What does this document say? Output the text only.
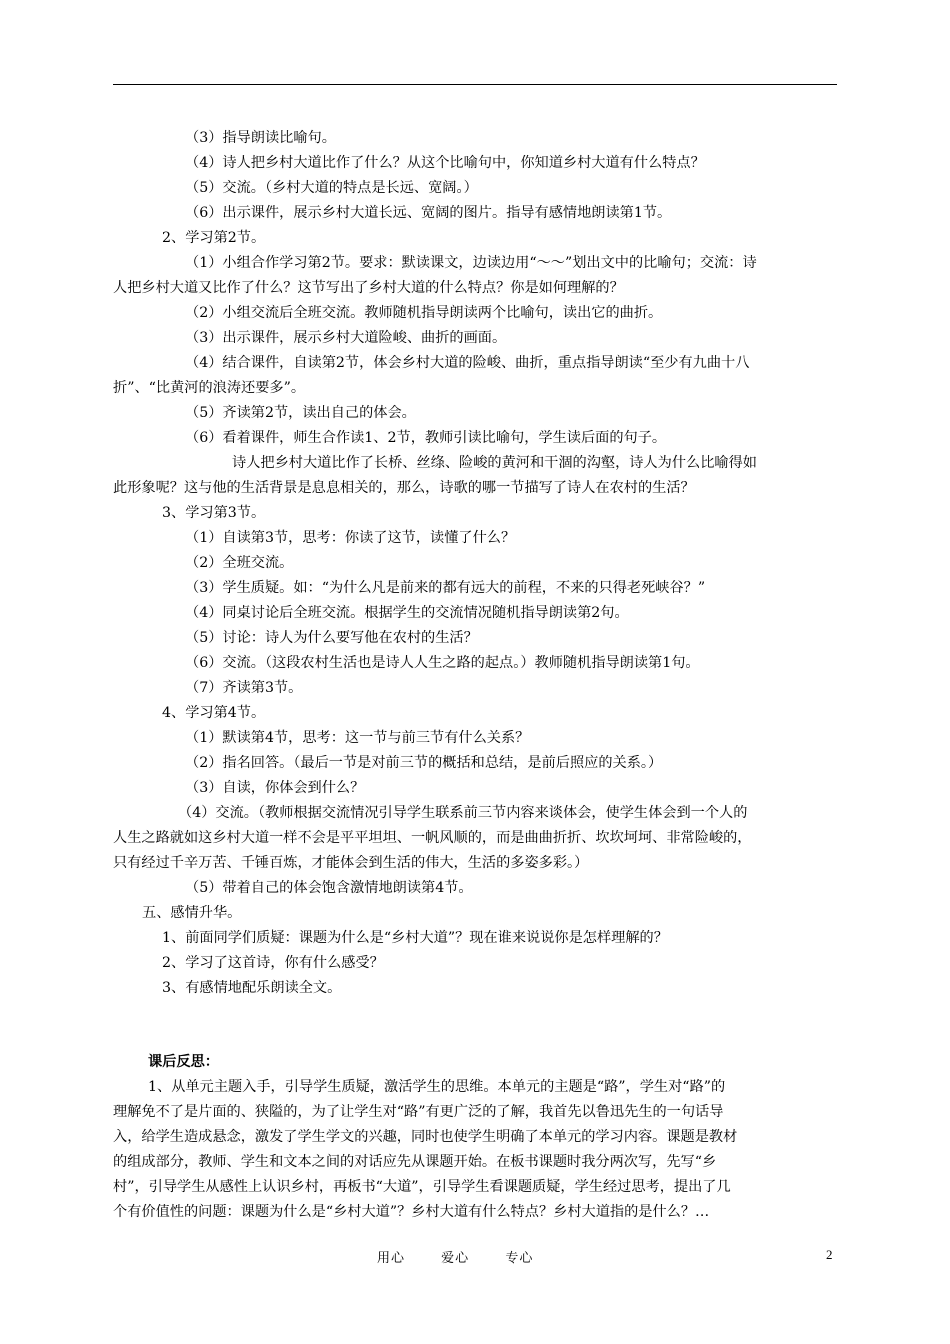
（3）指导朗读比喻句。
（4）诗人把乡村大道比作了什么？从这个比喻句中，你知道乡村大道有什么特点？
（5）交流。（乡村大道的特点是长远、宽阔。）
（6）出示课件，展示乡村大道长远、宽阔的图片。指导有感情地朗读第1节。
2、学习第2节。
（1）小组合作学习第2节。要求：默读课文，边读边用“～～”划出文中的比喻句；交流：诗
人把乡村大道又比作了什么？这节写出了乡村大道的什么特点？你是如何理解的？
（2）小组交流后全班交流。教师随机指导朗读两个比喻句，读出它的曲折。
（3）出示课件，展示乡村大道险峻、曲折的画面。
（4）结合课件，自读第2节，体会乡村大道的险峻、曲折，重点指导朗读“至少有九曲十八
折”、“比黄河的浪涛还要多”。
（5）齐读第2节，读出自己的体会。
（6）看着课件，师生合作读1、2节，教师引读比喻句，学生读后面的句子。
诗人把乡村大道比作了长桥、丝绦、险峻的黄河和干涸的沟壑，诗人为什么比喻得如
此形象呢？这与他的生活背景是息息相关的，那么，诗歌的哪一节描写了诗人在农村的生活？
3、学习第3节。
（1）自读第3节，思考：你读了这节，读懂了什么？
（2）全班交流。
（3）学生质疑。如：“为什么凡是前来的都有远大的前程，不来的只得老死峡谷？”
（4）同桌讨论后全班交流。根据学生的交流情况随机指导朗读第2句。
（5）讨论：诗人为什么要写他在农村的生活？
（6）交流。（这段农村生活也是诗人人生之路的起点。）教师随机指导朗读第1句。
（7）齐读第3节。
4、学习第4节。
（1）默读第4节，思考：这一节与前三节有什么关系？
（2）指名回答。（最后一节是对前三节的概括和总结，是前后照应的关系。）
（3）自读，你体会到什么？
（4）交流。（教师根据交流情况引导学生联系前三节内容来谈体会，使学生体会到一个人的
人生之路就如这乡村大道一样不会是平平坦坦、一帆风顺的，而是曲曲折折、坎坎坷坷、非常险峻的，
只有经过千辛万苦、千锤百炼，才能体会到生活的伟大，生活的多姿多彩。）
（5）带着自己的体会饱含激情地朗读第4节。
五、感情升华。
1、前面同学们质疑：课题为什么是“乡村大道”？现在谁来说说你是怎样理解的？
2、学习了这首诗，你有什么感受？
3、有感情地配乐朗读全文。
课后反思：
1、从单元主题入手，引导学生质疑，激活学生的思维。本单元的主题是“路”，学生对“路”的
理解免不了是片面的、狭隘的，为了让学生对“路”有更广泛的了解，我首先以鲁迅先生的一句话导
入，给学生造成悬念，激发了学生学文的兴趣，同时也使学生明确了本单元的学习内容。课题是教材
的组成部分，教师、学生和文本之间的对话应先从课题开始。在板书课题时我分两次写，先写“乡
村”，引导学生从感性上认识乡村，再板书“大道”，引导学生看课题质疑，学生经过思考，提出了几
个有价值性的问题：课题为什么是“乡村大道”？乡村大道有什么特点？乡村大道指的是什么？…
用心	爱心	专心	2
